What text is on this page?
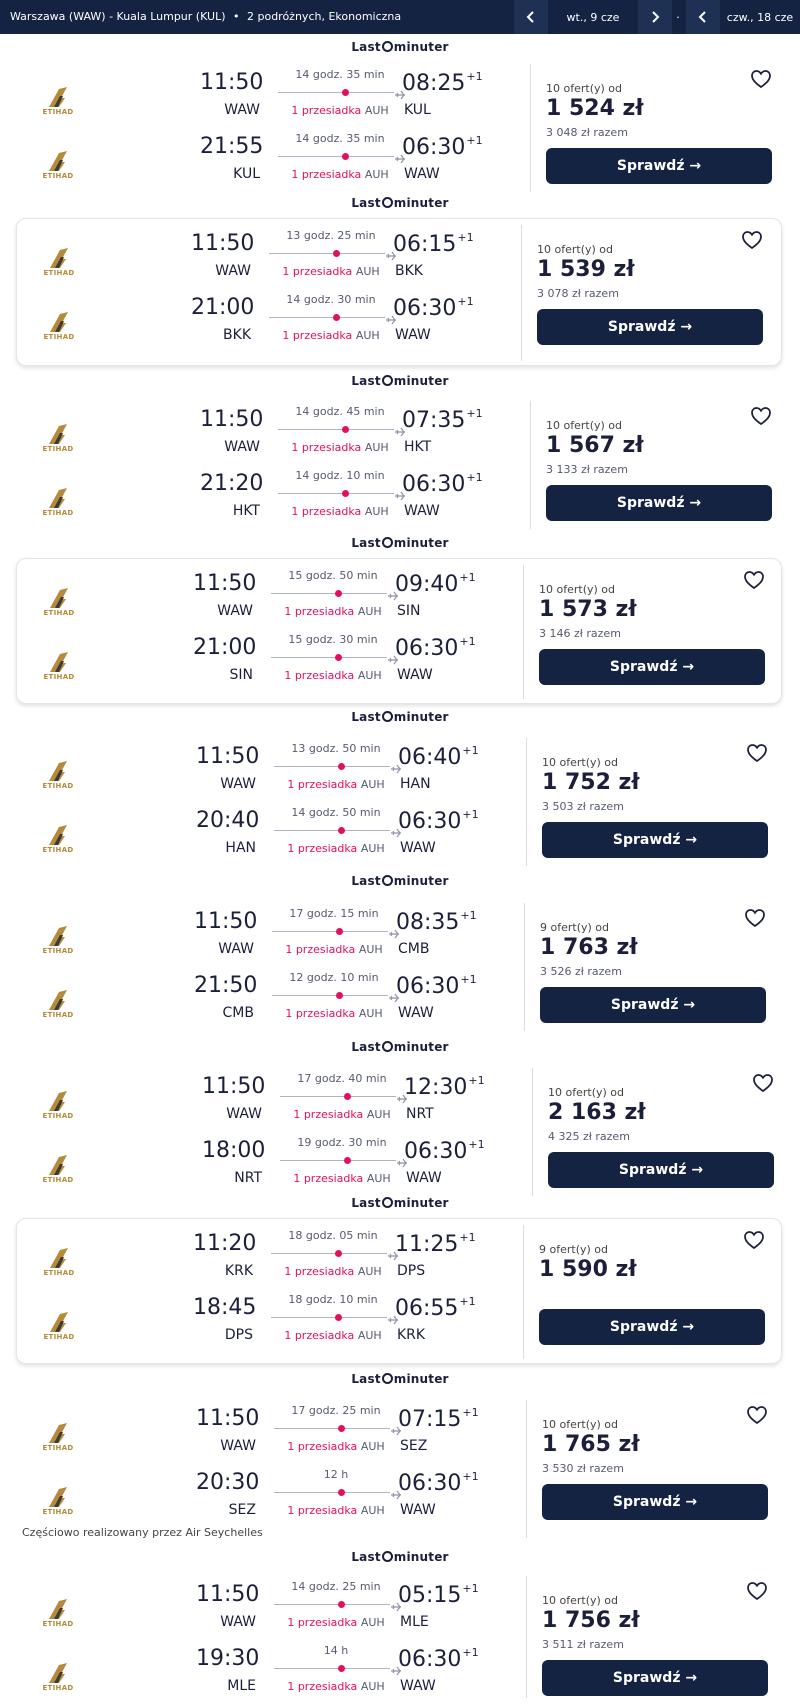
Warszawa (WAW) - Kuala Lumpur (KUL) • 2 podróżnych, Ekonomiczna	wt., 9 cze	·	czw., 18 cze
Last minuter
ETIHAD
ETIHAD
11:50
WAW
14 godz. 35 min
1 przesiadka AUH
$08:25^{+1}$
KUL
21:55
KUL
14 godz. 35 min
1 przesiadka AUH
$06:30^{+1}$
WAW
10 ofert(y) od
1 524 zł
3 048 zł razem
Sprawdź →
Last minuter
ETIHAD
ETIHAD
11:50
WAW
13 godz. 25 min
1 przesiadka AUH
$06:15^{+1}$
BKK
21:00
BKK
14 godz. 30 min
1 przesiadka AUH
$06:30^{+1}$
WAW
10 ofert(y) od
1 539 zł
3 078 zł razem
Sprawdź →
Last minuter
ETIHAD
ETIHAD
11:50
WAW
14 godz. 45 min
1 przesiadka AUH
$07:35^{+1}$
HKT
21:20
HKT
14 godz. 10 min
1 przesiadka AUH
$06:30^{+1}$
WAW
10 ofert(y) od
1 567 zł
3 133 zł razem
Sprawdź →
Last minuter
ETIHAD
ETIHAD
11:50
WAW
15 godz. 50 min
1 przesiadka AUH
$09:40^{+1}$
SIN
21:00
SIN
15 godz. 30 min
1 przesiadka AUH
$06:30^{+1}$
WAW
10 ofert(y) od
1 573 zł
3 146 zł razem
Sprawdź →
Last minuter
ETIHAD
ETIHAD
11:50
WAW
13 godz. 50 min
1 przesiadka AUH
$06:40^{+1}$
HAN
20:40
HAN
14 godz. 50 min
1 przesiadka AUH
$06:30^{+1}$
WAW
10 ofert(y) od
1 752 zł
3 503 zł razem
Sprawdź →
Last minuter
ETIHAD
ETIHAD
11:50
WAW
17 godz. 15 min
1 przesiadka AUH
$08:35^{+1}$
CMB
21:50
CMB
12 godz. 10 min
1 przesiadka AUH
$06:30^{+1}$
WAW
9 ofert(y) od
1 763 zł
3 526 zł razem
Sprawdź →
Last minuter
ETIHAD
ETIHAD
11:50
WAW
17 godz. 40 min
1 przesiadka AUH
$12:30^{+1}$
NRT
18:00
NRT
19 godz. 30 min
1 przesiadka AUH
$06:30^{+1}$
WAW
10 ofert(y) od
2 163 zł
4 325 zł razem
Sprawdź →
Last minuter
ETIHAD
ETIHAD
11:20
KRK
18 godz. 05 min
1 przesiadka AUH
$11:25^{+1}$
DPS
18:45
DPS
18 godz. 10 min
1 przesiadka AUH
$06:55^{+1}$
KRK
9 ofert(y) od
1 590 zł
Sprawdź →
Last minuter
ETIHAD
ETIHAD
11:50
WAW
17 godz. 25 min
1 przesiadka AUH
$07:15^{+1}$
SEZ
20:30
SEZ
12 h
1 przesiadka AUH
$06:30^{+1}$
WAW
10 ofert(y) od
1 765 zł
3 530 zł razem
Sprawdź →
Częściowo realizowany przez Air Seychelles
Last minuter
ETIHAD
ETIHAD
11:50
WAW
14 godz. 25 min
1 przesiadka AUH
$05:15^{+1}$
MLE
19:30
MLE
14 h
1 przesiadka AUH
$06:30^{+1}$
WAW
10 ofert(y) od
1 756 zł
3 511 zł razem
Sprawdź →
